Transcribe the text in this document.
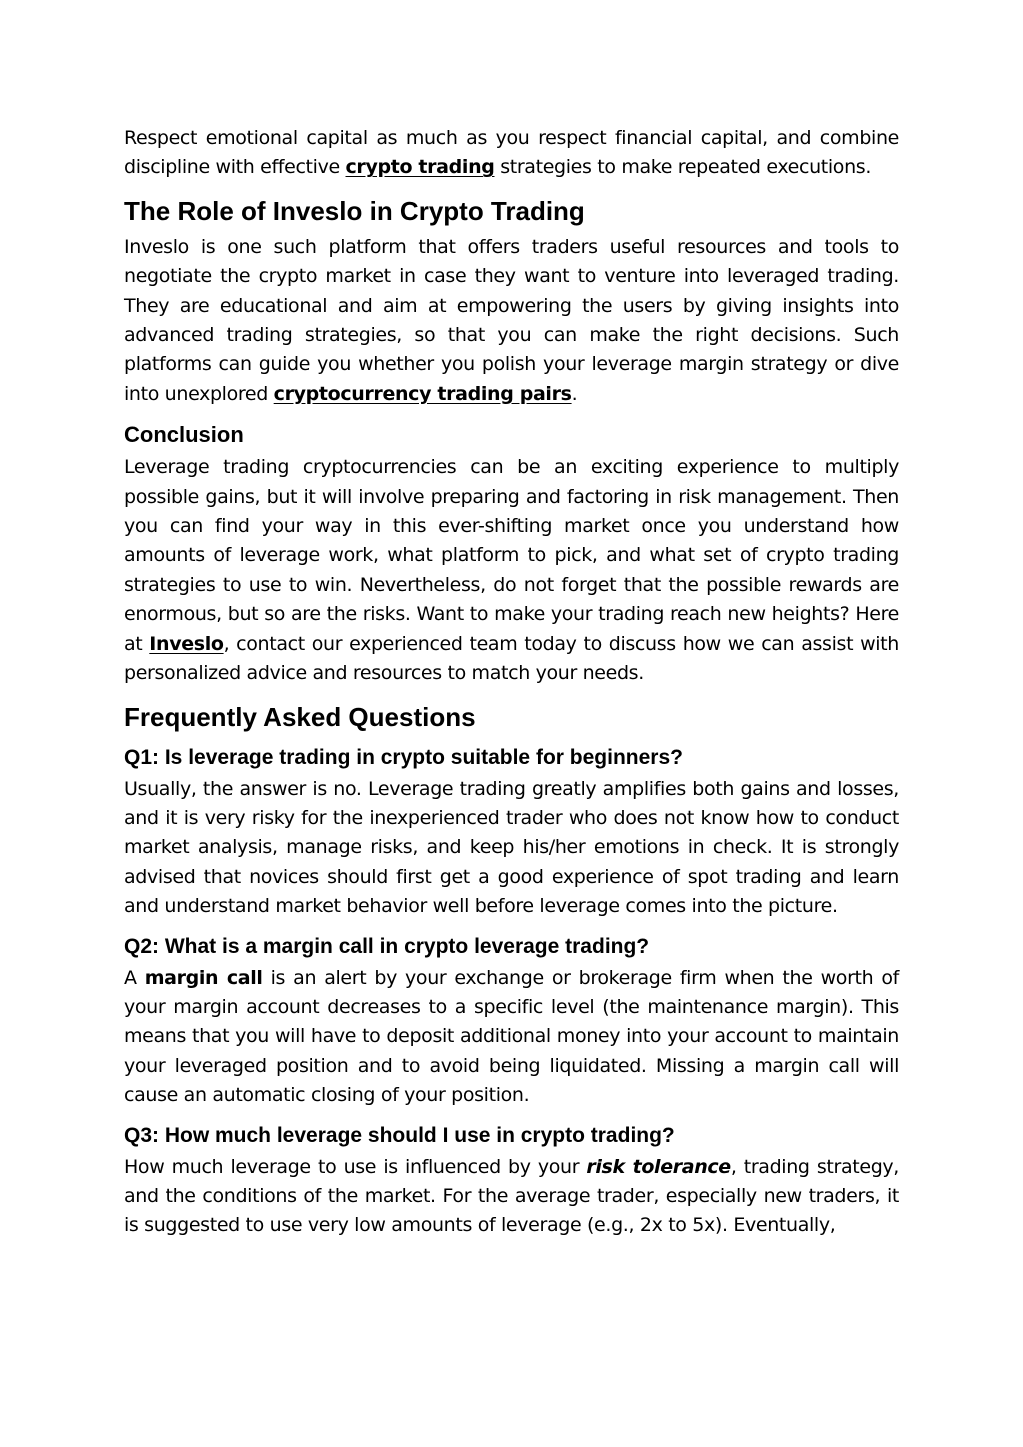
Respect emotional capital as much as you respect financial capital, and combine discipline with effective crypto trading strategies to make repeated executions.

The Role of Inveslo in Crypto Trading

Inveslo is one such platform that offers traders useful resources and tools to negotiate the crypto market in case they want to venture into leveraged trading. They are educational and aim at empowering the users by giving insights into advanced trading strategies, so that you can make the right decisions. Such platforms can guide you whether you polish your leverage margin strategy or dive into unexplored cryptocurrency trading pairs.

Conclusion

Leverage trading cryptocurrencies can be an exciting experience to multiply possible gains, but it will involve preparing and factoring in risk management. Then you can find your way in this ever-shifting market once you understand how amounts of leverage work, what platform to pick, and what set of crypto trading strategies to use to win. Nevertheless, do not forget that the possible rewards are enormous, but so are the risks. Want to make your trading reach new heights? Here at Inveslo, contact our experienced team today to discuss how we can assist with personalized advice and resources to match your needs.

Frequently Asked Questions
Q1: Is leverage trading in crypto suitable for beginners?

Usually, the answer is no. Leverage trading greatly amplifies both gains and losses, and it is very risky for the inexperienced trader who does not know how to conduct market analysis, manage risks, and keep his/her emotions in check. It is strongly advised that novices should first get a good experience of spot trading and learn and understand market behavior well before leverage comes into the picture.

Q2: What is a margin call in crypto leverage trading?

A margin call is an alert by your exchange or brokerage firm when the worth of your margin account decreases to a specific level (the maintenance margin). This means that you will have to deposit additional money into your account to maintain your leveraged position and to avoid being liquidated. Missing a margin call will cause an automatic closing of your position.

Q3: How much leverage should I use in crypto trading?

How much leverage to use is influenced by your risk tolerance, trading strategy, and the conditions of the market. For the average trader, especially new traders, it is suggested to use very low amounts of leverage (e.g., 2x to 5x). Eventually,
